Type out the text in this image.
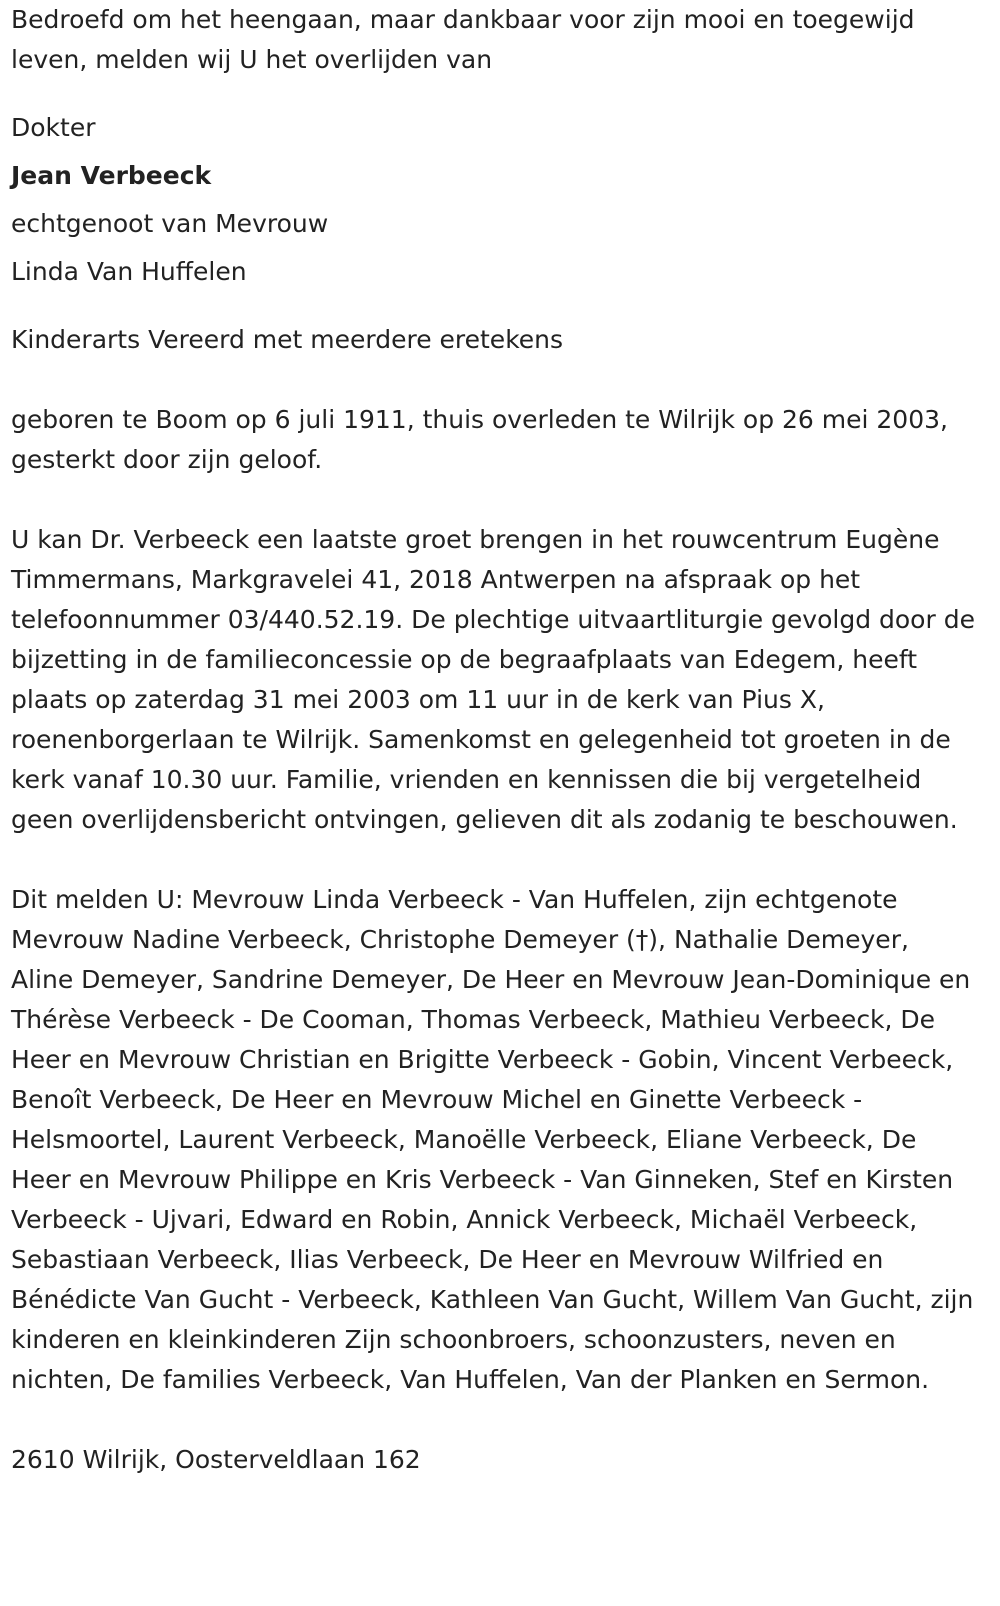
Bedroefd om het heengaan, maar dankbaar voor zijn mooi en toegewijd leven, melden wij U het overlijden van

Dokter
Jean Verbeeck
echtgenoot van Mevrouw
Linda Van Huffelen

Kinderarts Vereerd met meerdere eretekens

geboren te Boom op 6 juli 1911, thuis overleden te Wilrijk op 26 mei 2003, gesterkt door zijn geloof.

U kan Dr. Verbeeck een laatste groet brengen in het rouwcentrum Eugène Timmermans, Markgravelei 41, 2018 Antwerpen na afspraak op het telefoonnummer 03/440.52.19. De plechtige uitvaartliturgie gevolgd door de bijzetting in de familieconcessie op de begraafplaats van Edegem, heeft plaats op zaterdag 31 mei 2003 om 11 uur in de kerk van Pius X, roenenborgerlaan te Wilrijk. Samenkomst en gelegenheid tot groeten in de kerk vanaf 10.30 uur. Familie, vrienden en kennissen die bij vergetelheid geen overlijdensbericht ontvingen, gelieven dit als zodanig te beschouwen.

Dit melden U: Mevrouw Linda Verbeeck - Van Huffelen, zijn echtgenote Mevrouw Nadine Verbeeck, Christophe Demeyer (†), Nathalie Demeyer, Aline Demeyer, Sandrine Demeyer, De Heer en Mevrouw Jean-Dominique en Thérèse Verbeeck - De Cooman, Thomas Verbeeck, Mathieu Verbeeck, De Heer en Mevrouw Christian en Brigitte Verbeeck - Gobin, Vincent Verbeeck, Benoît Verbeeck, De Heer en Mevrouw Michel en Ginette Verbeeck - Helsmoortel, Laurent Verbeeck, Manoëlle Verbeeck, Eliane Verbeeck, De Heer en Mevrouw Philippe en Kris Verbeeck - Van Ginneken, Stef en Kirsten Verbeeck - Ujvari, Edward en Robin, Annick Verbeeck, Michaël Verbeeck, Sebastiaan Verbeeck, Ilias Verbeeck, De Heer en Mevrouw Wilfried en Bénédicte Van Gucht - Verbeeck, Kathleen Van Gucht, Willem Van Gucht, zijn kinderen en kleinkinderen Zijn schoonbroers, schoonzusters, neven en nichten, De families Verbeeck, Van Huffelen, Van der Planken en Sermon.

2610 Wilrijk, Oosterveldlaan 162
